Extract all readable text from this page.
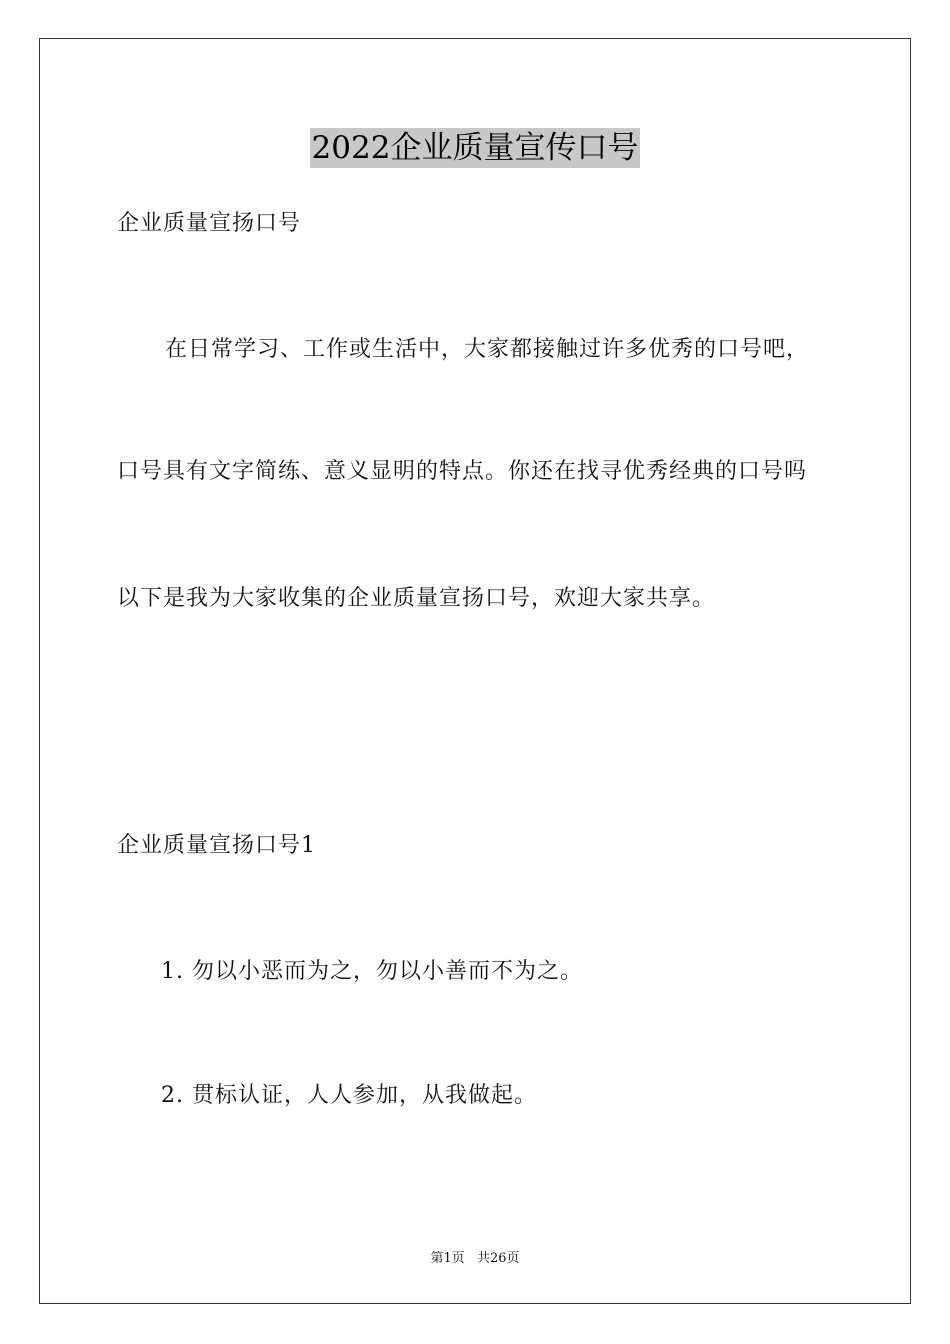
2022企业质量宣传口号
企业质量宣扬口号
在日常学习、工作或生活中，大家都接触过许多优秀的口号吧，
口号具有文字简练、意义显明的特点。你还在找寻优秀经典的口号吗
以下是我为大家收集的企业质量宣扬口号，欢迎大家共享。
企业质量宣扬口号1
1. 勿以小恶而为之，勿以小善而不为之。
2. 贯标认证，人人参加，从我做起。
第1页 共26页
